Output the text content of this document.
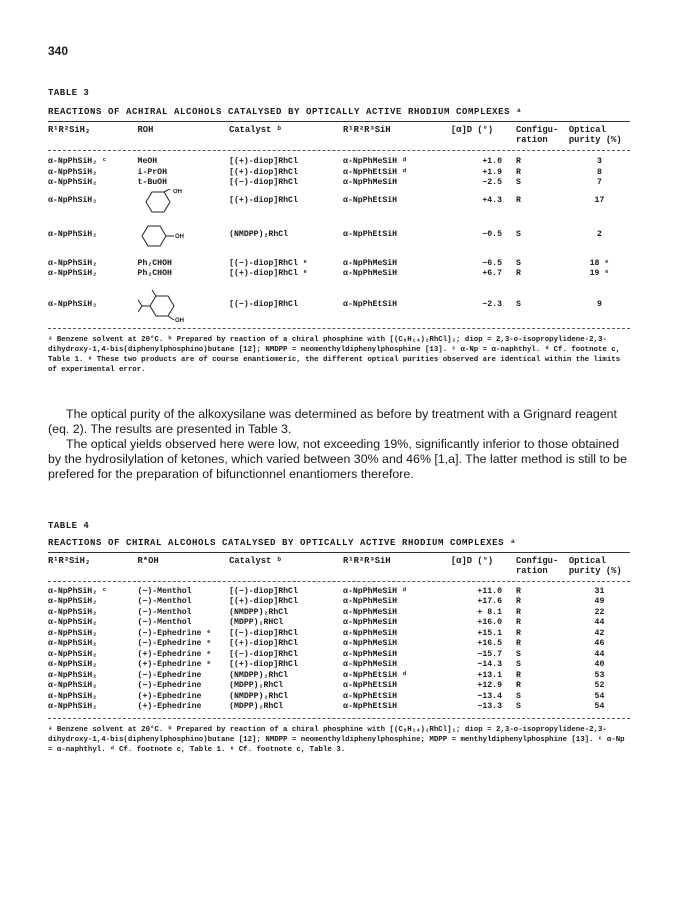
340
TABLE 3
REACTIONS OF ACHIRAL ALCOHOLS CATALYSED BY OPTICALLY ACTIVE RHODIUM COMPLEXES ᵃ
R¹R²SiH₂	ROH	Catalyst ᵇ	R¹R²R³SiH	[α]D (°)	Configu-ration	Optical purity (%)

α-NpPhSiH₂ ᶜ	MeOH	[(+)-diop]RhCl	α-NpPhMeSiH ᵈ	+1.0	R	3
α-NpPhSiH₂	i-PrOH	[(+)-diop]RhCl	α-NpPhEtSiH ᵈ	+1.9	R	8
α-NpPhSiH₂	t-BuOH	[(−)-diop]RhCl	α-NpPhMeSiH	−2.5	S	7
α-NpPhSiH₂	OH	[(+)-diop]RhCl	α-NpPhEtSiH	+4.3	R	17

α-NpPhSiH₂	OH	(NMDPP)₂RhCl	α-NpPhEtSiH	−0.5	S	2

α-NpPhSiH₂	Ph₂CHOH	[(−)-diop]RhCl ᵉ	α-NpPhMeSiH	−6.5	S	18 ᵉ
α-NpPhSiH₂	Ph₂CHOH	[(+)-diop]RhCl ᵉ	α-NpPhMeSiH	+6.7	R	19 ᵉ

α-NpPhSiH₂	OH	[(−)-diop]RhCl	α-NpPhEtSiH	−2.3	S	9

ᵃ Benzene solvent at 20°C. ᵇ Prepared by reaction of a chiral phosphine with [(C₈H₁₄)₂RhCl]₂; diop = 2,3-o-isopropylidene-2,3-dihydroxy-1,4-bis(diphenylphosphino)butane [12]; NMDPP = neomenthyldiphenylphosphine [13]. ᶜ α-Np = α-naphthyl. ᵈ Cf. footnote c, Table 1. ᵉ These two products are of course enantiomeric, the different optical purities observed are identical within the limits of experimental error.

The optical purity of the alkoxysilane was determined as before by treatment with a Grignard reagent (eq. 2). The results are presented in Table 3.

The optical yields observed here were low, not exceeding 19%, significantly inferior to those obtained by the hydrosilylation of ketones, which varied between 30% and 46% [1,a]. The latter method is still to be prefered for the preparation of bifunctionnel enantiomers therefore.

TABLE 4
REACTIONS OF CHIRAL ALCOHOLS CATALYSED BY OPTICALLY ACTIVE RHODIUM COMPLEXES ᵃ
R¹R²SiH₂	R*OH	Catalyst ᵇ	R¹R²R³SiH	[α]D (°)	Configu-ration	Optical purity (%)

α-NpPhSiH₂ ᶜ	(−)-Menthol	[(−)-diop]RhCl	α-NpPhMeSiH ᵈ	+11.0	R	31
α-NpPhSiH₂	(−)-Menthol	[(+)-diop]RhCl	α-NpPhMeSiH	+17.6	R	49
α-NpPhSiH₂	(−)-Menthol	(NMDPP)₂RhCl	α-NpPhMeSiH	+ 8.1	R	22
α-NpPhSiH₂	(−)-Menthol	(MDPP)₂RHCl	α-NpPhMeSiH	+16.0	R	44
α-NpPhSiH₂	(−)-Ephedrine ᵉ	[(−)-diop]RhCl	α-NpPhMeSiH	+15.1	R	42
α-NpPhSiH₂	(−)-Ephedrine ᵉ	[(+)-diop]RhCl	α-NpPhMeSiH	+16.5	R	46
α-NpPhSiH₂	(+)-Ephedrine ᵉ	[(−)-diop]RhCl	α-NpPhMeSiH	−15.7	S	44
α-NpPhSiH₂	(+)-Ephedrine ᵉ	[(+)-diop]RhCl	α-NpPhMeSiH	−14.3	S	40
α-NpPhSiH₂	(−)-Ephedrine	(NMDPP)₂RhCl	α-NpPhEtSiH ᵈ	+13.1	R	53
α-NpPhSiH₂	(−)-Ephedrine	(MDPP)₂RhCl	α-NpPhEtSiH	+12.9	R	52
α-NpPhSiH₂	(+)-Ephedrine	(NMDPP)₂RhCl	α-NpPhEtSiH	−13.4	S	54
α-NpPhSiH₂	(+)-Ephedrine	(MDPP)₂RhCl	α-NpPhEtSiH	−13.3	S	54

ᵃ Benzene solvent at 20°C. ᵇ Prepared by reaction of a chiral phosphine with [(C₈H₁₄)₂RhCl]₂; diop = 2,3-o-isopropylidene-2,3-dihydroxy-1,4-bis(diphenylphosphino)butane [12]; NMDPP = neomenthyldiphenylphosphine; MDPP = menthyldiphenylphosphine [13]. ᶜ α-Np = α-naphthyl. ᵈ Cf. footnote c, Table 1. ᵉ Cf. footnote c, Table 3.
